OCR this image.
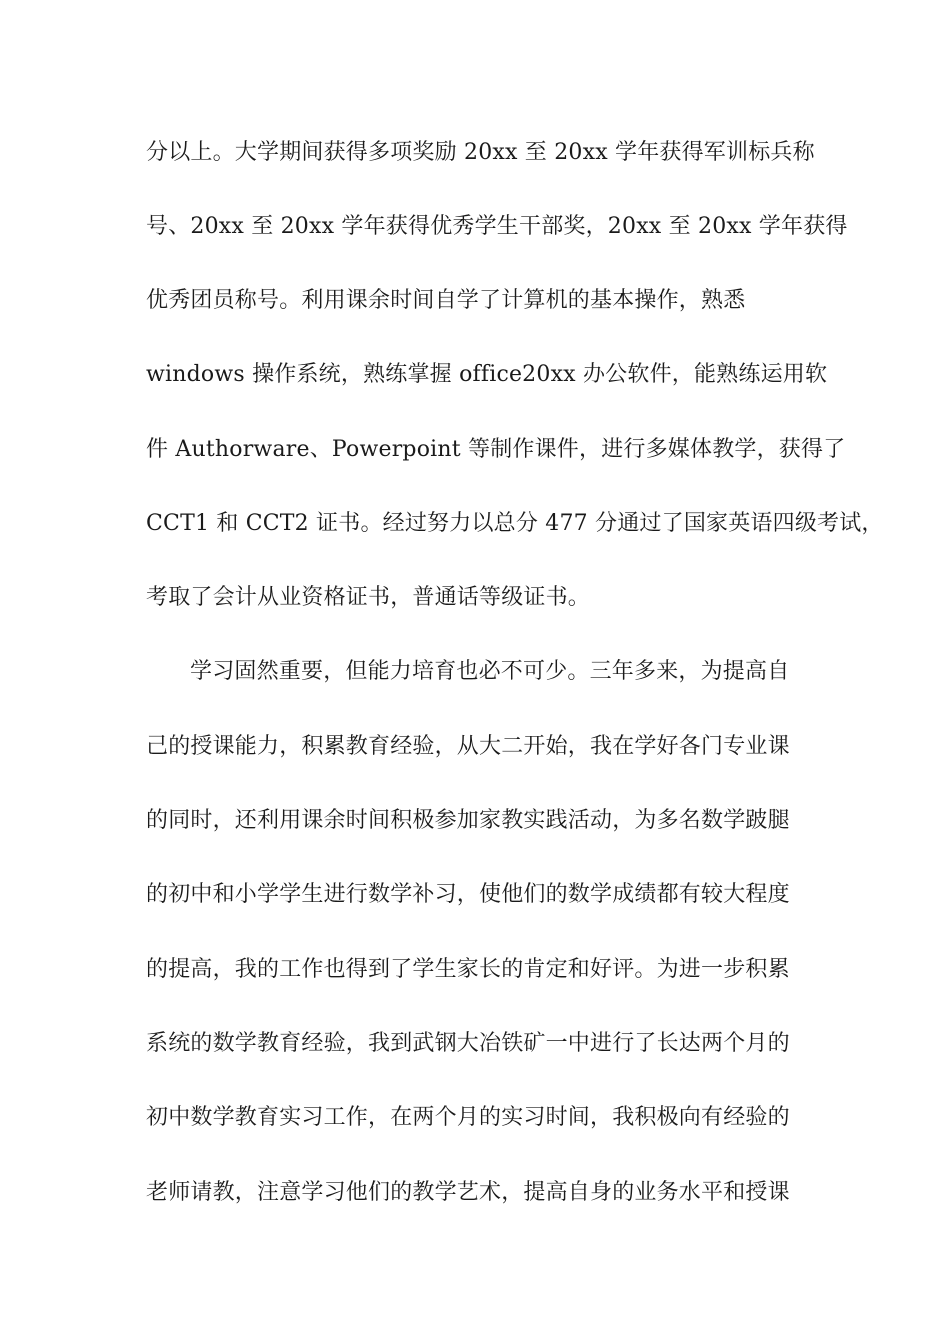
分以上。大学期间获得多项奖励 20xx 至 20xx 学年获得军训标兵称
号、20xx 至 20xx 学年获得优秀学生干部奖，20xx 至 20xx 学年获得
优秀团员称号。利用课余时间自学了计算机的基本操作，熟悉
windows 操作系统，熟练掌握 office20xx 办公软件，能熟练运用软
件 Authorware、Powerpoint 等制作课件，进行多媒体教学，获得了
CCT1 和 CCT2 证书。经过努力以总分 477 分通过了国家英语四级考试，
考取了会计从业资格证书，普通话等级证书。
学习固然重要，但能力培育也必不可少。三年多来，为提高自
己的授课能力，积累教育经验，从大二开始，我在学好各门专业课
的同时，还利用课余时间积极参加家教实践活动，为多名数学跛腿
的初中和小学学生进行数学补习，使他们的数学成绩都有较大程度
的提高，我的工作也得到了学生家长的肯定和好评。为进一步积累
系统的数学教育经验，我到武钢大冶铁矿一中进行了长达两个月的
初中数学教育实习工作，在两个月的实习时间，我积极向有经验的
老师请教，注意学习他们的教学艺术，提高自身的业务水平和授课
